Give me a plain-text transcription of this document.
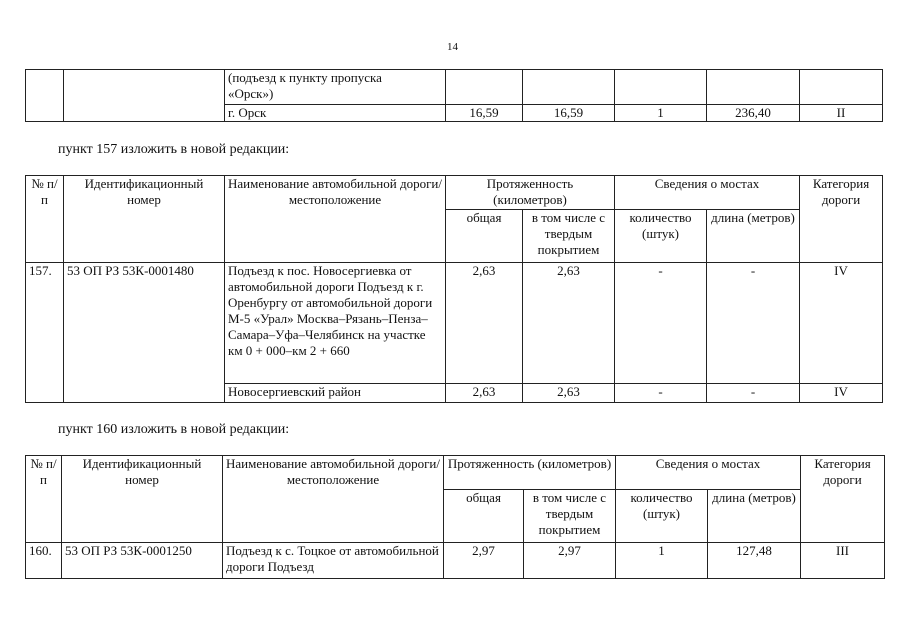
14

		(подъезд к пункту пропуска
«Орск»)					

		г. Орск	16,59	16,59	1	236,40	II
пункт 157 изложить в новой редакции:
№ п/п	Идентификационный номер	Наименование автомобильной дороги/местоположение	Протяженность (километров)		Сведения о мостах		Категория дороги
			общая	в том числе с твердым покрытием	количество (штук)	длина (метров)	
157.	53 ОП РЗ 53К-0001480	Подъезд к пос. Новосергиевка от автомобильной дороги Подъезд к г. Оренбургу от автомобильной дороги М-5 «Урал» Москва–Рязань–Пенза–Самара–Уфа–Челябинск на участке км 0 + 000–км 2 + 660	2,63	2,63	-	-	IV
		Новосергиевский район	2,63	2,63	-	-	IV
пункт 160 изложить в новой редакции:
№ п/п	Идентификационный номер	Наименование автомобильной дороги/местоположение	Протяженность (километров)		Сведения о мостах		Категория дороги
			общая	в том числе с твердым покрытием	количество (штук)	длина (метров)	
160.	53 ОП РЗ 53К-0001250	Подъезд к с. Тоцкое от автомобильной дороги Подъезд	2,97	2,97	1	127,48	III
